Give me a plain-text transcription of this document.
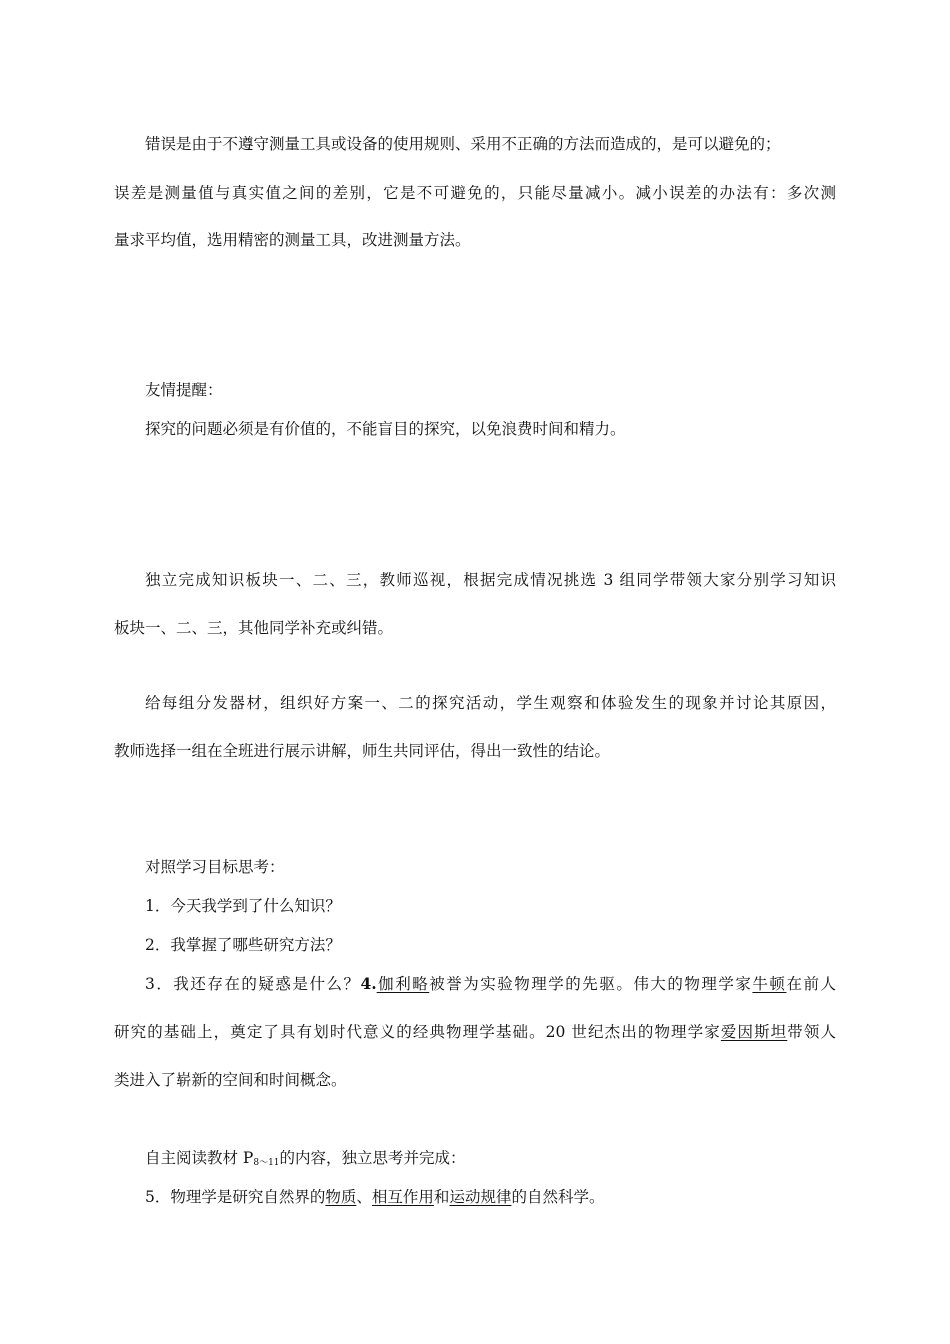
错误是由于不遵守测量工具或设备的使用规则、采用不正确的方法而造成的，是可以避免的；
误差是测量值与真实值之间的差别，它是不可避免的，只能尽量减小。减小误差的办法有：多次测
量求平均值，选用精密的测量工具，改进测量方法。
友情提醒：
探究的问题必须是有价值的，不能盲目的探究，以免浪费时间和精力。
独立完成知识板块一、二、三，教师巡视，根据完成情况挑选 3 组同学带领大家分别学习知识
板块一、二、三，其他同学补充或纠错。
给每组分发器材，组织好方案一、二的探究活动，学生观察和体验发生的现象并讨论其原因，
教师选择一组在全班进行展示讲解，师生共同评估，得出一致性的结论。
对照学习目标思考：
1．今天我学到了什么知识？
2．我掌握了哪些研究方法？
3．我还存在的疑惑是什么？4.伽利略被誉为实验物理学的先驱。伟大的物理学家牛顿在前人
研究的基础上，奠定了具有划时代意义的经典物理学基础。20 世纪杰出的物理学家爱因斯坦带领人
类进入了崭新的空间和时间概念。
自主阅读教材 $P_{8\sim 11}$的内容，独立思考并完成：
5．物理学是研究自然界的物质、相互作用和运动规律的自然科学。
